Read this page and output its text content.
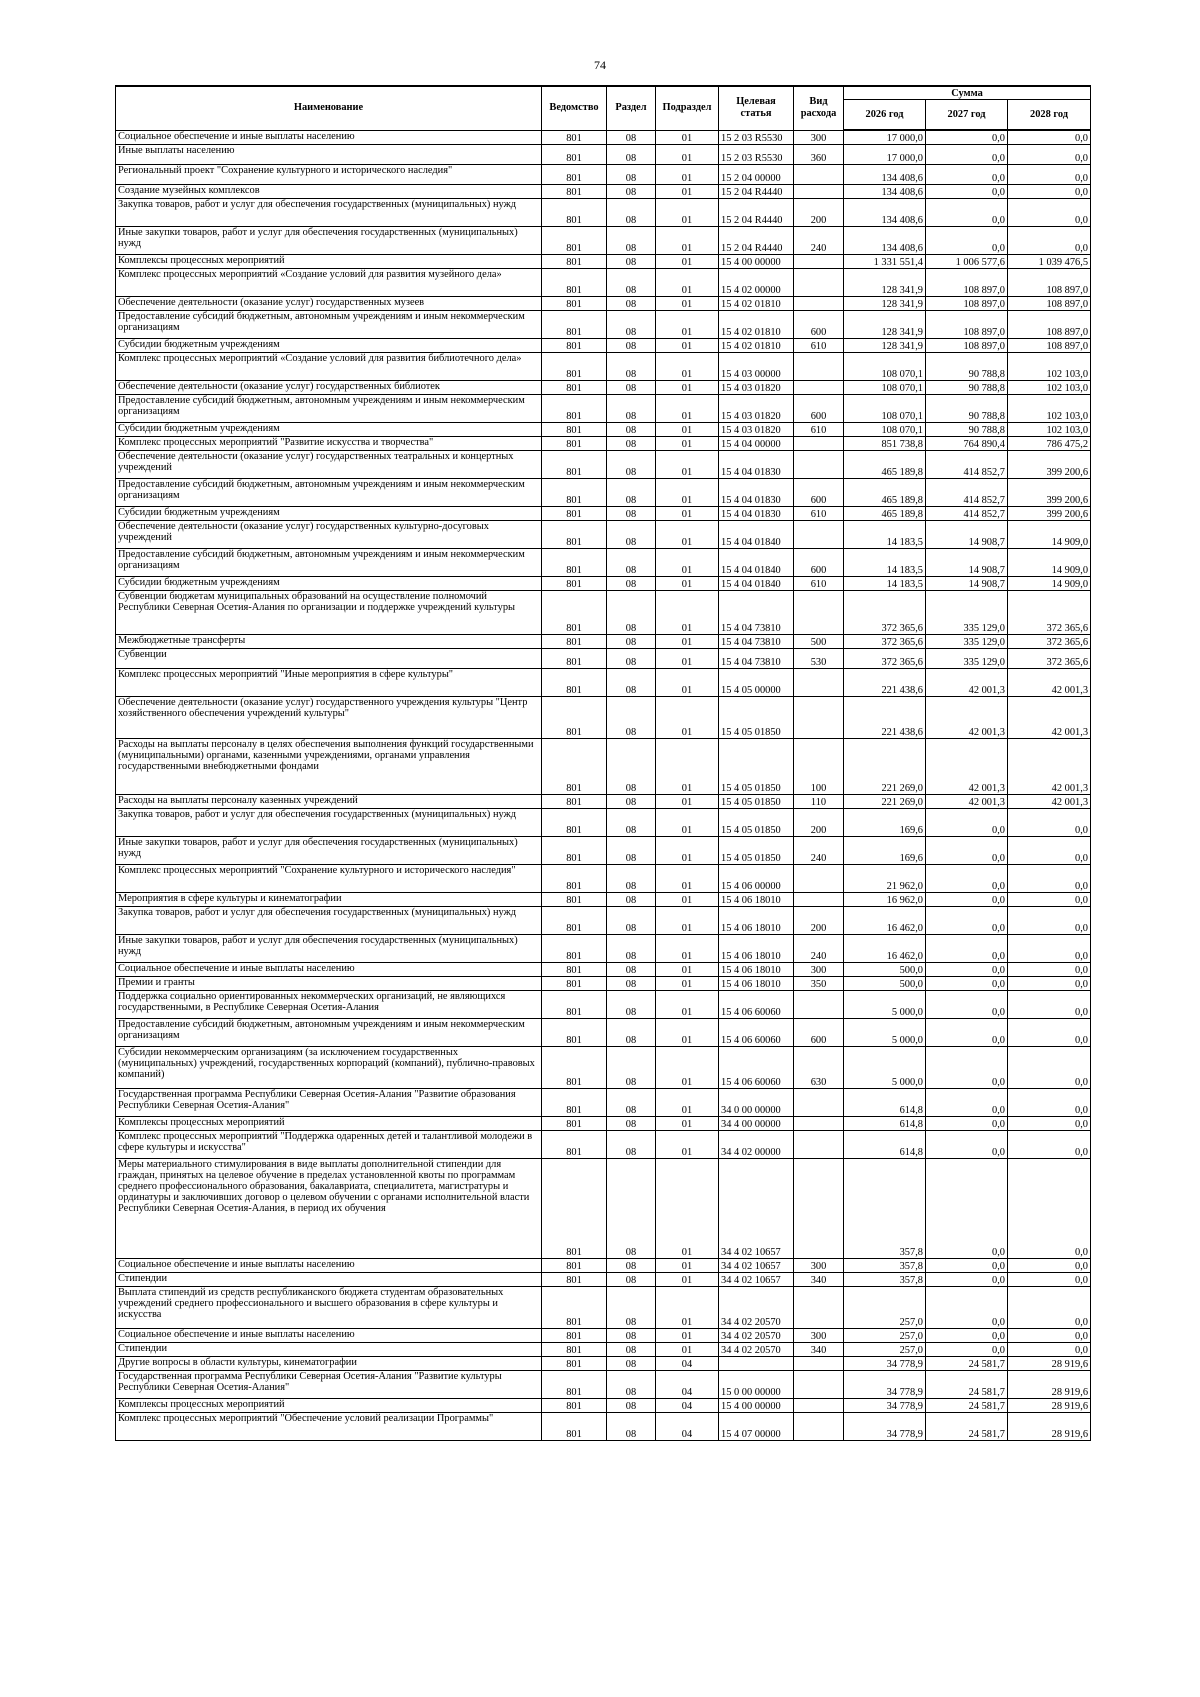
74
Наименование	Ведомство	Раздел	Подраздел	Целевая статья	Вид расхода	Сумма		
						2026 год	2027 год	2028 год
Социальное обеспечение и иные выплаты населению	801	08	01	15 2 03 R5530	300	17 000,0	0,0	0,0
Иные выплаты населению	801	08	01	15 2 03 R5530	360	17 000,0	0,0	0,0
Региональный проект "Сохранение культурного и исторического наследия"	801	08	01	15 2 04 00000		134 408,6	0,0	0,0
Создание музейных комплексов	801	08	01	15 2 04 R4440		134 408,6	0,0	0,0
Закупка товаров, работ и услуг для обеспечения государственных (муниципальных) нужд	801	08	01	15 2 04 R4440	200	134 408,6	0,0	0,0
Иные закупки товаров, работ и услуг для обеспечения государственных (муниципальных) нужд	801	08	01	15 2 04 R4440	240	134 408,6	0,0	0,0
Комплексы процессных мероприятий	801	08	01	15 4 00 00000		1 331 551,4	1 006 577,6	1 039 476,5
Комплекс процессных мероприятий «Создание условий для развития музейного дела»	801	08	01	15 4 02 00000		128 341,9	108 897,0	108 897,0
Обеспечение деятельности (оказание услуг) государственных музеев	801	08	01	15 4 02 01810		128 341,9	108 897,0	108 897,0
Предоставление субсидий бюджетным, автономным учреждениям и иным некоммерческим организациям	801	08	01	15 4 02 01810	600	128 341,9	108 897,0	108 897,0
Субсидии бюджетным учреждениям	801	08	01	15 4 02 01810	610	128 341,9	108 897,0	108 897,0
Комплекс процессных мероприятий «Создание условий для развития библиотечного дела»	801	08	01	15 4 03 00000		108 070,1	90 788,8	102 103,0
Обеспечение деятельности (оказание услуг) государственных библиотек	801	08	01	15 4 03 01820		108 070,1	90 788,8	102 103,0
Предоставление субсидий бюджетным, автономным учреждениям и иным некоммерческим организациям	801	08	01	15 4 03 01820	600	108 070,1	90 788,8	102 103,0
Субсидии бюджетным учреждениям	801	08	01	15 4 03 01820	610	108 070,1	90 788,8	102 103,0
Комплекс процессных мероприятий "Развитие искусства и творчества"	801	08	01	15 4 04 00000		851 738,8	764 890,4	786 475,2
Обеспечение деятельности (оказание услуг) государственных театральных и концертных учреждений	801	08	01	15 4 04 01830		465 189,8	414 852,7	399 200,6
Предоставление субсидий бюджетным, автономным учреждениям и иным некоммерческим организациям	801	08	01	15 4 04 01830	600	465 189,8	414 852,7	399 200,6
Субсидии бюджетным учреждениям	801	08	01	15 4 04 01830	610	465 189,8	414 852,7	399 200,6
Обеспечение деятельности (оказание услуг) государственных культурно-досуговых учреждений	801	08	01	15 4 04 01840		14 183,5	14 908,7	14 909,0
Предоставление субсидий бюджетным, автономным учреждениям и иным некоммерческим организациям	801	08	01	15 4 04 01840	600	14 183,5	14 908,7	14 909,0
Субсидии бюджетным учреждениям	801	08	01	15 4 04 01840	610	14 183,5	14 908,7	14 909,0
Субвенции бюджетам муниципальных образований на осуществление полномочий Республики Северная Осетия-Алания по организации и поддержке учреждений культуры	801	08	01	15 4 04 73810		372 365,6	335 129,0	372 365,6
Межбюджетные трансферты	801	08	01	15 4 04 73810	500	372 365,6	335 129,0	372 365,6
Субвенции	801	08	01	15 4 04 73810	530	372 365,6	335 129,0	372 365,6
Комплекс процессных мероприятий "Иные мероприятия в сфере культуры"	801	08	01	15 4 05 00000		221 438,6	42 001,3	42 001,3
Обеспечение деятельности (оказание услуг) государственного учреждения культуры "Центр хозяйственного обеспечения учреждений культуры"	801	08	01	15 4 05 01850		221 438,6	42 001,3	42 001,3
Расходы на выплаты персоналу в целях обеспечения выполнения функций государственными (муниципальными) органами, казенными учреждениями, органами управления государственными внебюджетными фондами	801	08	01	15 4 05 01850	100	221 269,0	42 001,3	42 001,3
Расходы на выплаты персоналу казенных учреждений	801	08	01	15 4 05 01850	110	221 269,0	42 001,3	42 001,3
Закупка товаров, работ и услуг для обеспечения государственных (муниципальных) нужд	801	08	01	15 4 05 01850	200	169,6	0,0	0,0
Иные закупки товаров, работ и услуг для обеспечения государственных (муниципальных) нужд	801	08	01	15 4 05 01850	240	169,6	0,0	0,0
Комплекс процессных мероприятий "Сохранение культурного и исторического наследия"	801	08	01	15 4 06 00000		21 962,0	0,0	0,0
Мероприятия в сфере культуры и кинематографии	801	08	01	15 4 06 18010		16 962,0	0,0	0,0
Закупка товаров, работ и услуг для обеспечения государственных (муниципальных) нужд	801	08	01	15 4 06 18010	200	16 462,0	0,0	0,0
Иные закупки товаров, работ и услуг для обеспечения государственных (муниципальных) нужд	801	08	01	15 4 06 18010	240	16 462,0	0,0	0,0
Социальное обеспечение и иные выплаты населению	801	08	01	15 4 06 18010	300	500,0	0,0	0,0
Премии и гранты	801	08	01	15 4 06 18010	350	500,0	0,0	0,0
Поддержка социально ориентированных некоммерческих организаций, не являющихся государственными, в Республике Северная Осетия-Алания	801	08	01	15 4 06 60060		5 000,0	0,0	0,0
Предоставление субсидий бюджетным, автономным учреждениям и иным некоммерческим организациям	801	08	01	15 4 06 60060	600	5 000,0	0,0	0,0
Субсидии некоммерческим организациям (за исключением государственных (муниципальных) учреждений, государственных корпораций (компаний), публично-правовых компаний)	801	08	01	15 4 06 60060	630	5 000,0	0,0	0,0
Государственная программа Республики Северная Осетия-Алания "Развитие образования Республики Северная Осетия-Алания"	801	08	01	34 0 00 00000		614,8	0,0	0,0
Комплексы процессных мероприятий	801	08	01	34 4 00 00000		614,8	0,0	0,0
Комплекс процессных мероприятий "Поддержка одаренных детей и талантливой молодежи в сфере культуры и искусства"	801	08	01	34 4 02 00000		614,8	0,0	0,0
Меры материального стимулирования в виде выплаты дополнительной стипендии для граждан, принятых на целевое обучение в пределах установленной квоты по программам среднего профессионального образования, бакалавриата, специалитета, магистратуры и ординатуры и заключивших договор о целевом обучении с органами исполнительной власти Республики Северная Осетия-Алания, в период их обучения	801	08	01	34 4 02 10657		357,8	0,0	0,0
Социальное обеспечение и иные выплаты населению	801	08	01	34 4 02 10657	300	357,8	0,0	0,0
Стипендии	801	08	01	34 4 02 10657	340	357,8	0,0	0,0
Выплата стипендий из средств республиканского бюджета студентам образовательных учреждений среднего профессионального и высшего образования в сфере культуры и искусства	801	08	01	34 4 02 20570		257,0	0,0	0,0
Социальное обеспечение и иные выплаты населению	801	08	01	34 4 02 20570	300	257,0	0,0	0,0
Стипендии	801	08	01	34 4 02 20570	340	257,0	0,0	0,0
Другие вопросы в области культуры, кинематографии	801	08	04			34 778,9	24 581,7	28 919,6
Государственная программа Республики Северная Осетия-Алания "Развитие культуры Республики Северная Осетия-Алания"	801	08	04	15 0 00 00000		34 778,9	24 581,7	28 919,6
Комплексы процессных мероприятий	801	08	04	15 4 00 00000		34 778,9	24 581,7	28 919,6
Комплекс процессных мероприятий "Обеспечение условий реализации Программы"	801	08	04	15 4 07 00000		34 778,9	24 581,7	28 919,6
